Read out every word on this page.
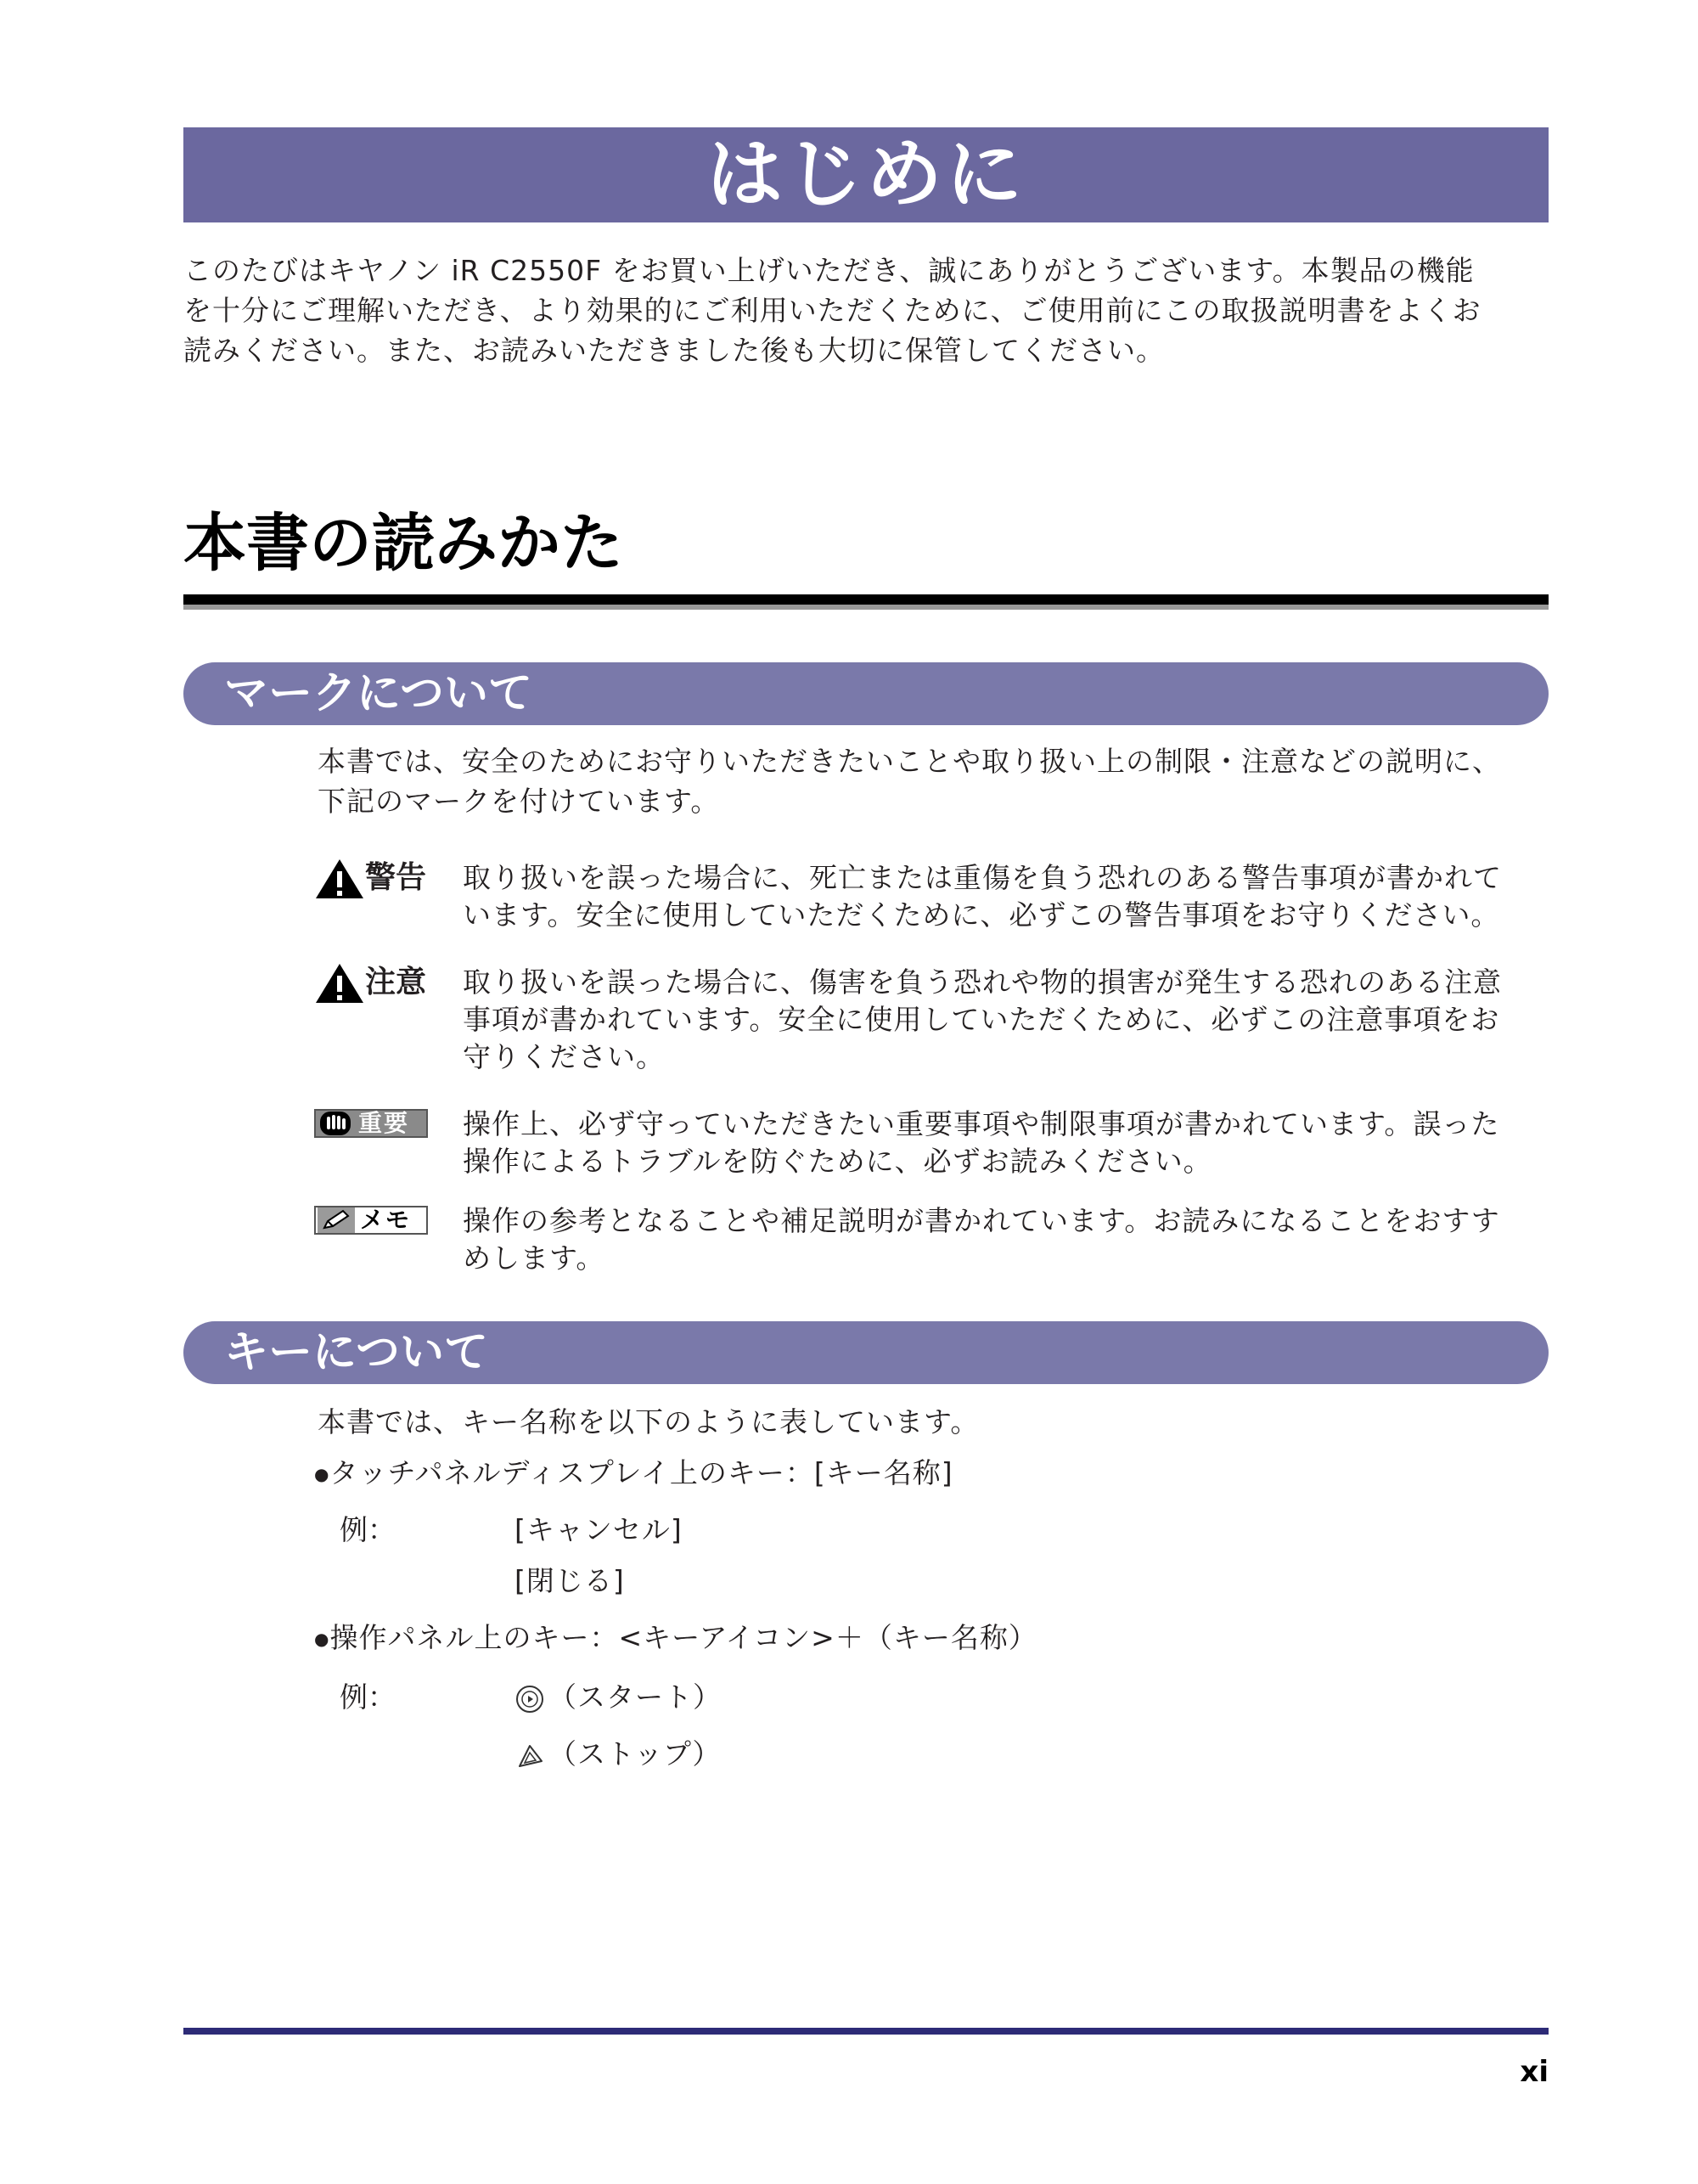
はじめに
このたびはキヤノン iR C2550F をお買い上げいただき、誠にありがとうございます。本製品の機能
を十分にご理解いただき、より効果的にご利用いただくために、ご使用前にこの取扱説明書をよくお
読みください。また、お読みいただきました後も大切に保管してください。
本書の読みかた
マークについて
本書では、安全のためにお守りいただきたいことや取り扱い上の制限・注意などの説明に、
下記のマークを付けています。
警告 取り扱いを誤った場合に、死亡または重傷を負う恐れのある警告事項が書かれて
います。安全に使用していただくために、必ずこの警告事項をお守りください。
注意 取り扱いを誤った場合に、傷害を負う恐れや物的損害が発生する恐れのある注意
事項が書かれています。安全に使用していただくために、必ずこの注意事項をお
守りください。
重要 操作上、必ず守っていただきたい重要事項や制限事項が書かれています。誤った
操作によるトラブルを防ぐために、必ずお読みください。
メモ 操作の参考となることや補足説明が書かれています。お読みになることをおすす
めします。
キーについて
本書では、キー名称を以下のように表しています。
●タッチパネルディスプレイ上のキー：[キー名称]
例：	[キャンセル]
[閉じる]
●操作パネル上のキー：<キーアイコン>＋（キー名称）
例：	（スタート）
（ストップ）
xi
